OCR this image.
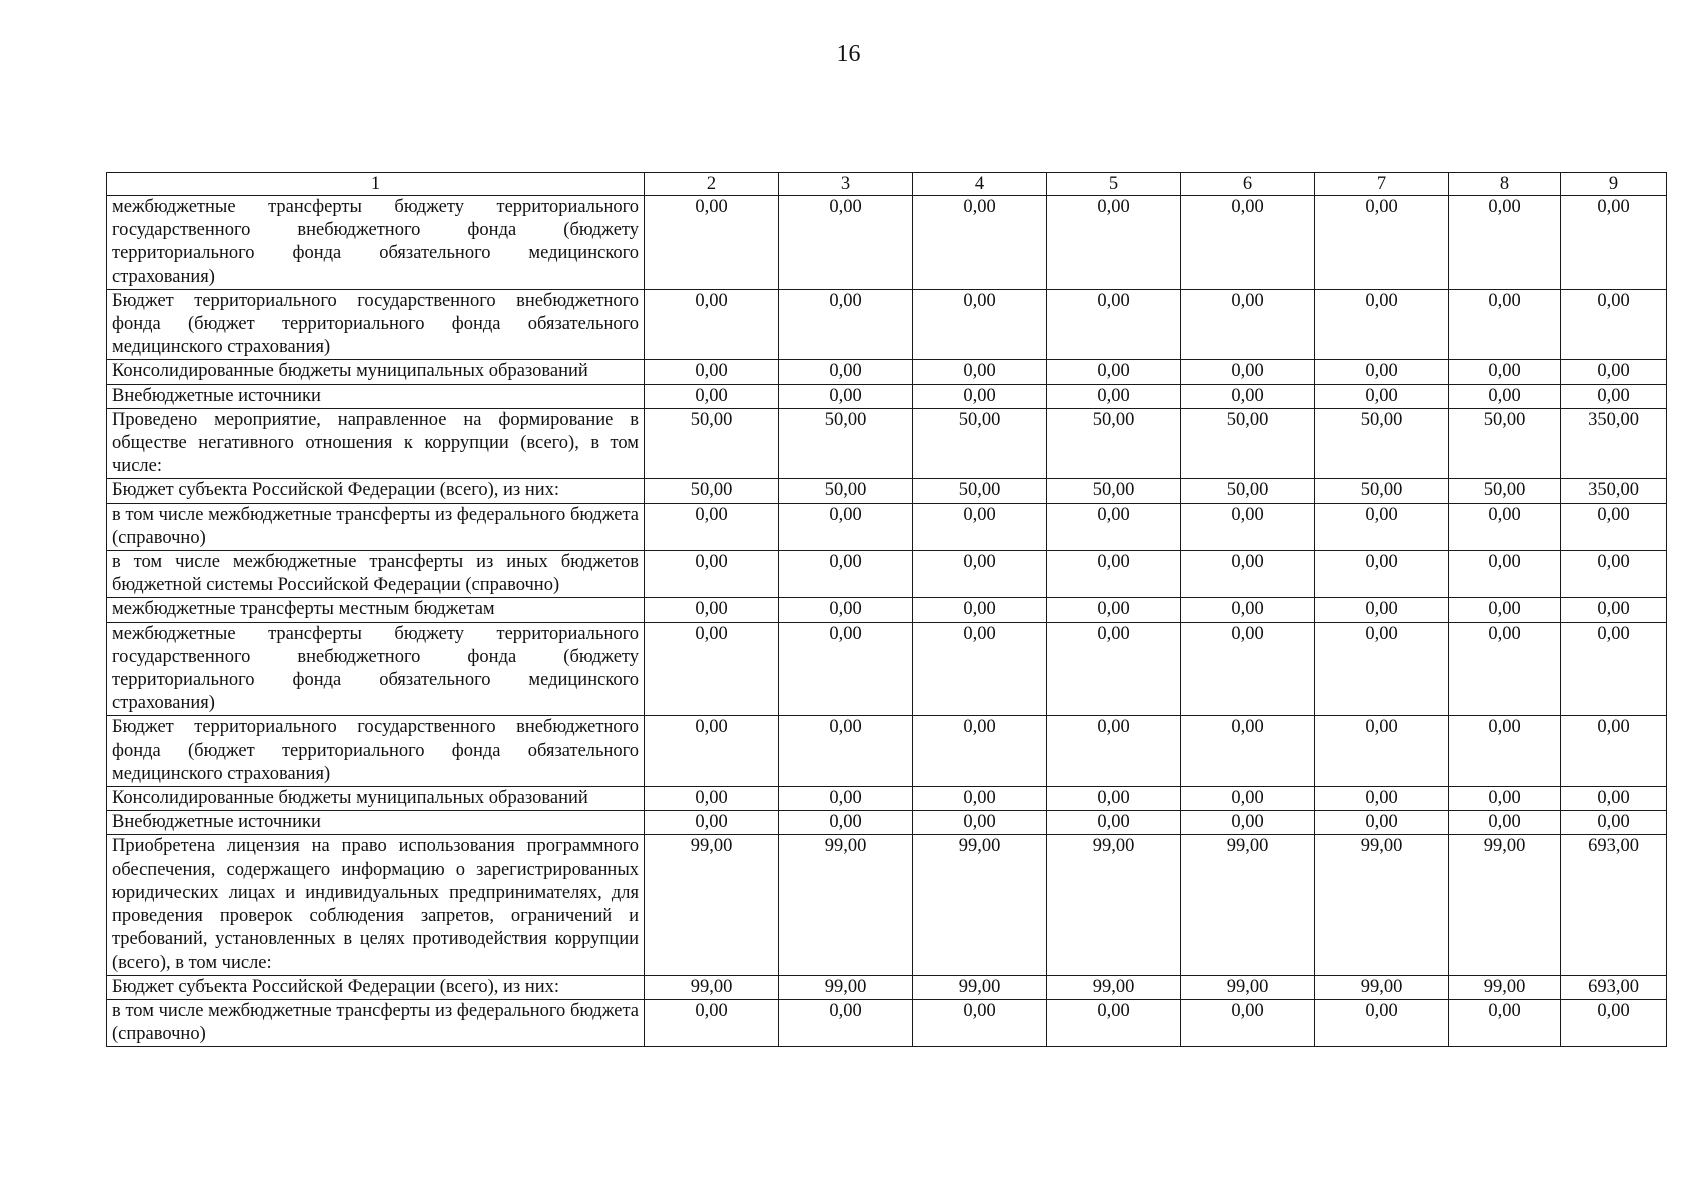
16
1	2	3	4	5	6	7	8	9
межбюджетные трансферты бюджету территориального государственного внебюджетного фонда (бюджету территориального фонда обязательного медицинского страхования)	0,00	0,00	0,00	0,00	0,00	0,00	0,00	0,00
Бюджет территориального государственного внебюджетного фонда (бюджет территориального фонда обязательного медицинского страхования)	0,00	0,00	0,00	0,00	0,00	0,00	0,00	0,00
Консолидированные бюджеты муниципальных образований	0,00	0,00	0,00	0,00	0,00	0,00	0,00	0,00
Внебюджетные источники	0,00	0,00	0,00	0,00	0,00	0,00	0,00	0,00
Проведено мероприятие, направленное на формирование в обществе негативного отношения к коррупции (всего), в том числе:	50,00	50,00	50,00	50,00	50,00	50,00	50,00	350,00
Бюджет субъекта Российской Федерации (всего), из них:	50,00	50,00	50,00	50,00	50,00	50,00	50,00	350,00
в том числе межбюджетные трансферты из федерального бюджета (справочно)	0,00	0,00	0,00	0,00	0,00	0,00	0,00	0,00
в том числе межбюджетные трансферты из иных бюджетов бюджетной системы Российской Федерации (справочно)	0,00	0,00	0,00	0,00	0,00	0,00	0,00	0,00
межбюджетные трансферты местным бюджетам	0,00	0,00	0,00	0,00	0,00	0,00	0,00	0,00
межбюджетные трансферты бюджету территориального государственного внебюджетного фонда (бюджету территориального фонда обязательного медицинского страхования)	0,00	0,00	0,00	0,00	0,00	0,00	0,00	0,00
Бюджет территориального государственного внебюджетного фонда (бюджет территориального фонда обязательного медицинского страхования)	0,00	0,00	0,00	0,00	0,00	0,00	0,00	0,00
Консолидированные бюджеты муниципальных образований	0,00	0,00	0,00	0,00	0,00	0,00	0,00	0,00
Внебюджетные источники	0,00	0,00	0,00	0,00	0,00	0,00	0,00	0,00
Приобретена лицензия на право использования программного обеспечения, содержащего информацию о зарегистрированных юридических лицах и индивидуальных предпринимателях, для проведения проверок соблюдения запретов, ограничений и требований, установленных в целях противодействия коррупции (всего), в том числе:	99,00	99,00	99,00	99,00	99,00	99,00	99,00	693,00
Бюджет субъекта Российской Федерации (всего), из них:	99,00	99,00	99,00	99,00	99,00	99,00	99,00	693,00
в том числе межбюджетные трансферты из федерального бюджета (справочно)	0,00	0,00	0,00	0,00	0,00	0,00	0,00	0,00
